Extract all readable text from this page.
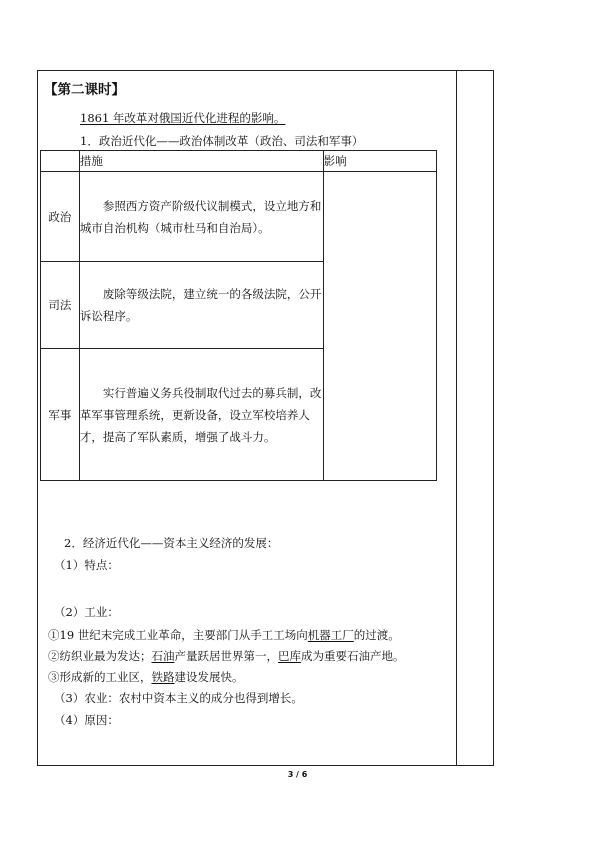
【第二课时】
1861 年改革对俄国近代化进程的影响。
1．政治近代化——政治体制改革（政治、司法和军事）
	措施	影响
政治	参照西方资产阶级代议制模式，设立地方和城市自治机构（城市杜马和自治局）。	

司法	废除等级法院，建立统一的各级法院，公开诉讼程序。	

军事	实行普遍义务兵役制取代过去的募兵制，改革军事管理系统，更新设备，设立军校培养人才，提高了军队素质，增强了战斗力。	
2．经济近代化——资本主义经济的发展：
（1）特点：
（2）工业：
①19 世纪末完成工业革命，主要部门从手工工场向机器工厂的过渡。
②纺织业最为发达；石油产量跃居世界第一，巴库成为重要石油产地。
③形成新的工业区，铁路建设发展快。
（3）农业：农村中资本主义的成分也得到增长。
（4）原因：
3 / 6
